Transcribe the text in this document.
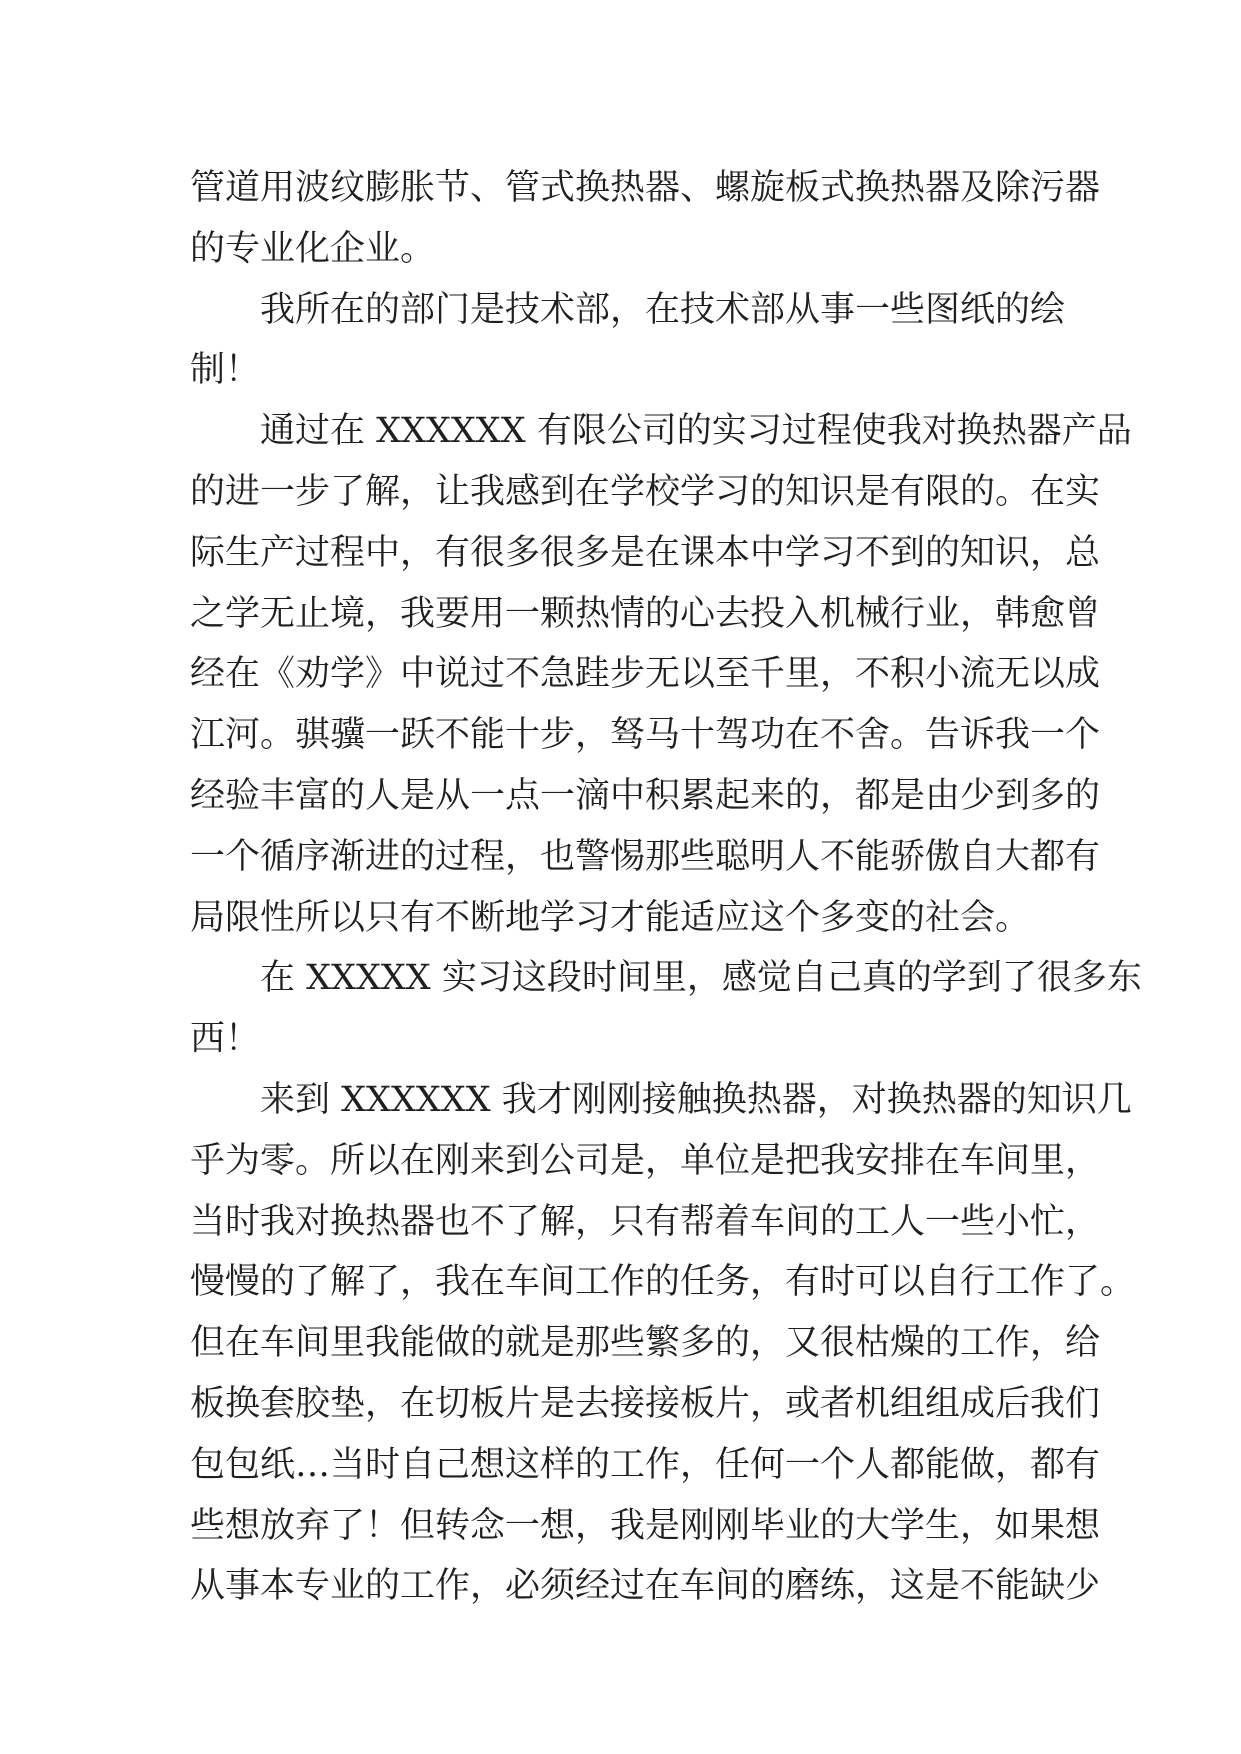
管道用波纹膨胀节、管式换热器、螺旋板式换热器及除污器
的专业化企业。
我所在的部门是技术部，在技术部从事一些图纸的绘
制！
通过在 XXXXXX 有限公司的实习过程使我对换热器产品
的进一步了解，让我感到在学校学习的知识是有限的。在实
际生产过程中，有很多很多是在课本中学习不到的知识，总
之学无止境，我要用一颗热情的心去投入机械行业，韩愈曾
经在《劝学》中说过不急跬步无以至千里，不积小流无以成
江河。骐骥一跃不能十步，驽马十驾功在不舍。告诉我一个
经验丰富的人是从一点一滴中积累起来的，都是由少到多的
一个循序渐进的过程，也警惕那些聪明人不能骄傲自大都有
局限性所以只有不断地学习才能适应这个多变的社会。
在 XXXXX 实习这段时间里，感觉自己真的学到了很多东
西！
来到 XXXXXX 我才刚刚接触换热器，对换热器的知识几
乎为零。所以在刚来到公司是，单位是把我安排在车间里，
当时我对换热器也不了解，只有帮着车间的工人一些小忙，
慢慢的了解了，我在车间工作的任务，有时可以自行工作了。
但在车间里我能做的就是那些繁多的，又很枯燥的工作，给
板换套胶垫，在切板片是去接接板片，或者机组组成后我们
包包纸…当时自己想这样的工作，任何一个人都能做，都有
些想放弃了！但转念一想，我是刚刚毕业的大学生，如果想
从事本专业的工作，必须经过在车间的磨练，这是不能缺少
